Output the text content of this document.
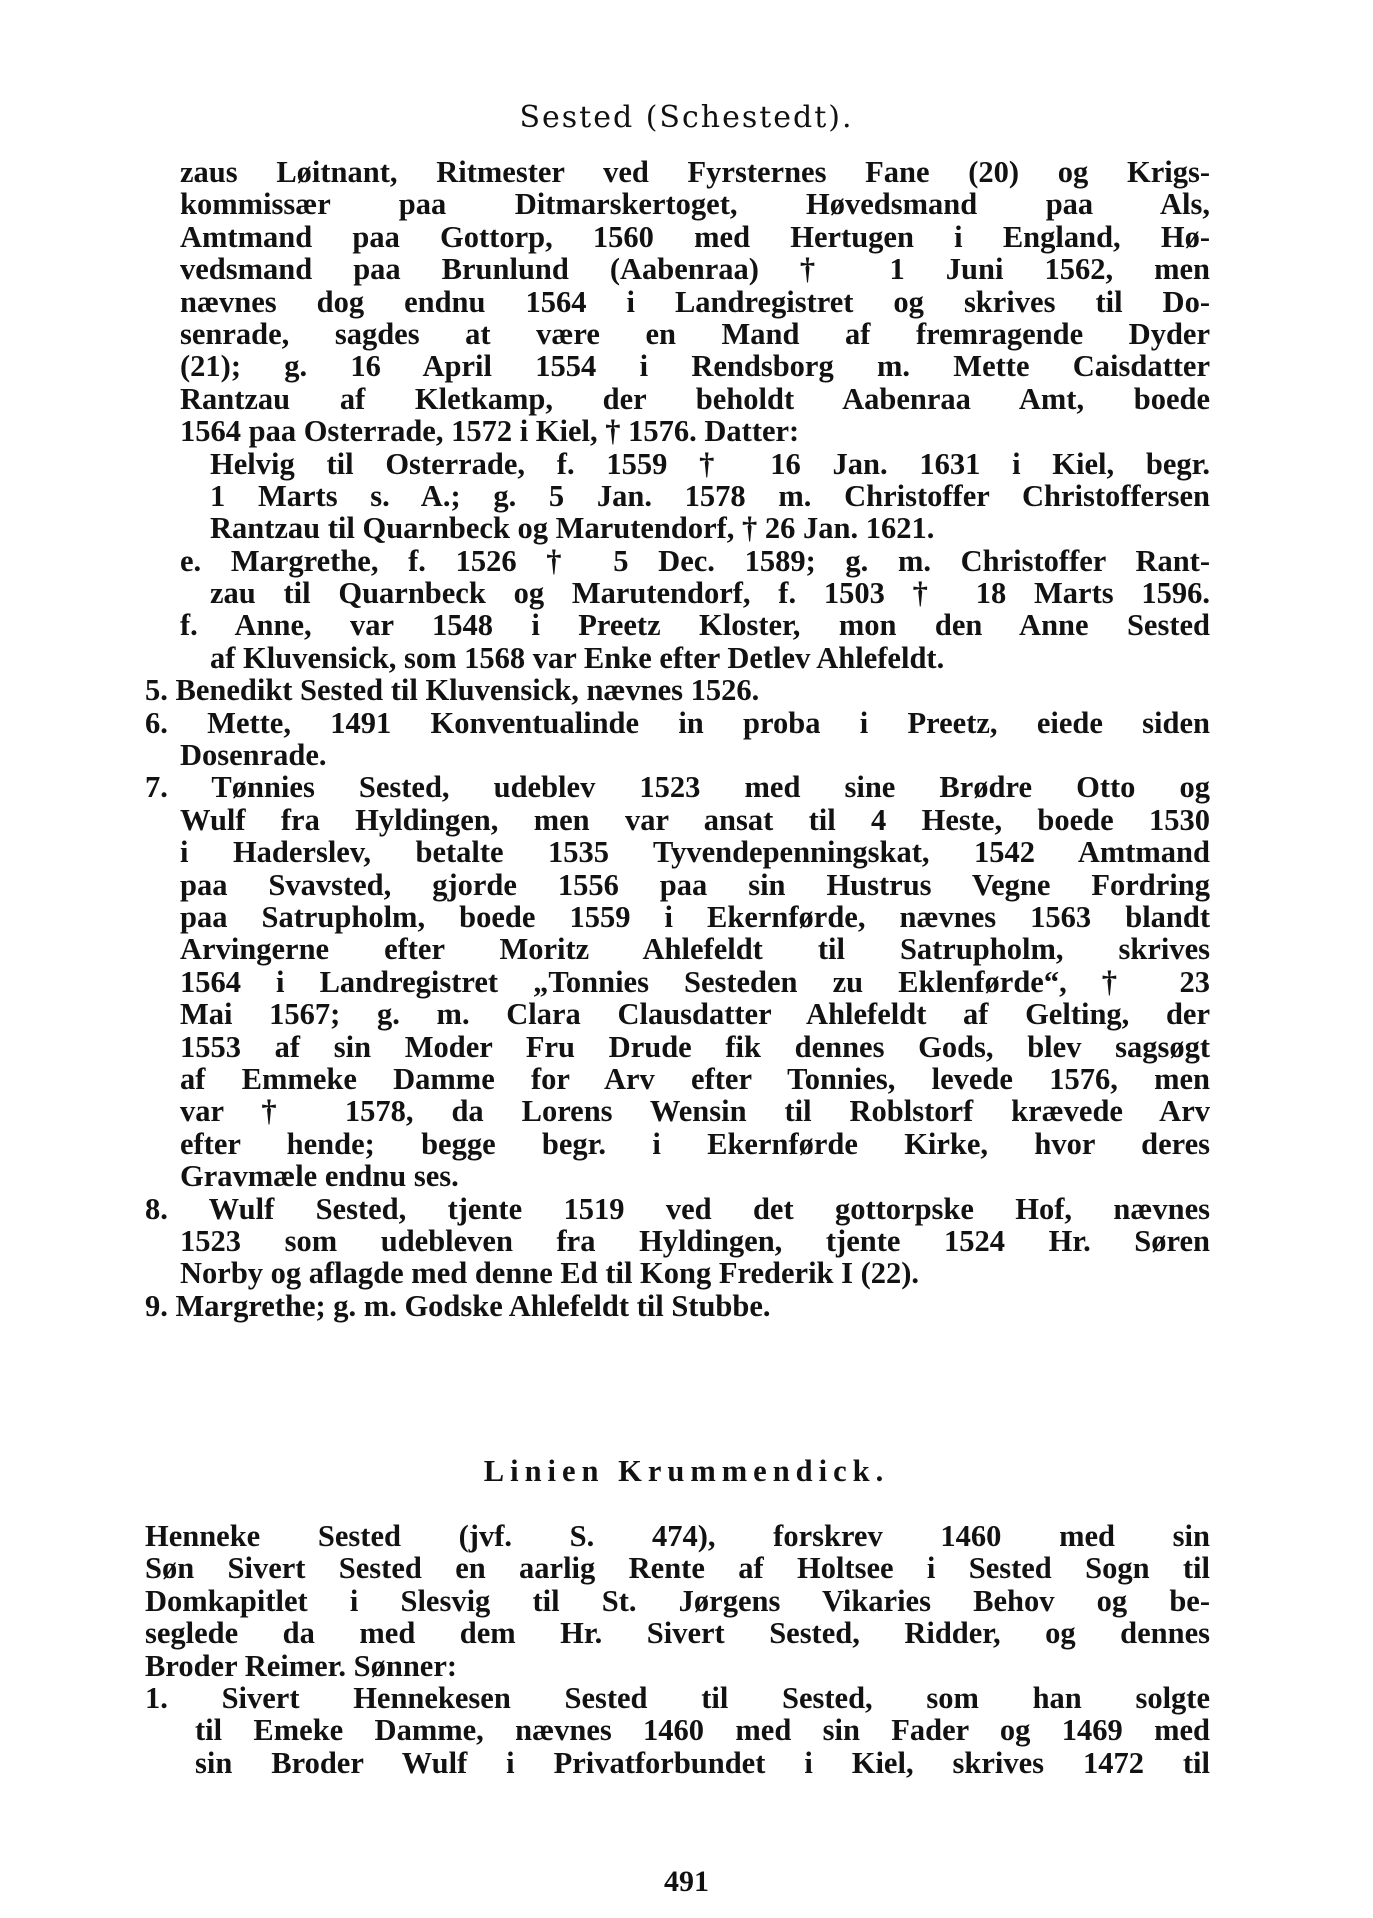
Sested (Schestedt).
zaus Løitnant, Ritmester ved Fyrsternes Fane (20) og Krigs-
kommissær paa Ditmarskertoget, Høvedsmand paa Als,
Amtmand paa Gottorp, 1560 med Hertugen i England, Hø-
vedsmand paa Brunlund (Aabenraa) † 1 Juni 1562, men
nævnes dog endnu 1564 i Landregistret og skrives til Do-
senrade, sagdes at være en Mand af fremragende Dyder
(21); g. 16 April 1554 i Rendsborg m. Mette Caisdatter
Rantzau af Kletkamp, der beholdt Aabenraa Amt, boede
1564 paa Osterrade, 1572 i Kiel, † 1576. Datter:
Helvig til Osterrade, f. 1559 † 16 Jan. 1631 i Kiel, begr.
1 Marts s. A.; g. 5 Jan. 1578 m. Christoffer Christoffersen
Rantzau til Quarnbeck og Marutendorf, † 26 Jan. 1621.
e. Margrethe, f. 1526 † 5 Dec. 1589; g. m. Christoffer Rant-
zau til Quarnbeck og Marutendorf, f. 1503 † 18 Marts 1596.
f. Anne, var 1548 i Preetz Kloster, mon den Anne Sested
af Kluvensick, som 1568 var Enke efter Detlev Ahlefeldt.
5. Benedikt Sested til Kluvensick, nævnes 1526.
6. Mette, 1491 Konventualinde in proba i Preetz, eiede siden
Dosenrade.
7. Tønnies Sested, udeblev 1523 med sine Brødre Otto og
Wulf fra Hyldingen, men var ansat til 4 Heste, boede 1530
i Haderslev, betalte 1535 Tyvendepenningskat, 1542 Amtmand
paa Svavsted, gjorde 1556 paa sin Hustrus Vegne Fordring
paa Satrupholm, boede 1559 i Ekernførde, nævnes 1563 blandt
Arvingerne efter Moritz Ahlefeldt til Satrupholm, skrives
1564 i Landregistret „Tonnies Sesteden zu Eklenførde“, † 23
Mai 1567; g. m. Clara Clausdatter Ahlefeldt af Gelting, der
1553 af sin Moder Fru Drude fik dennes Gods, blev sagsøgt
af Emmeke Damme for Arv efter Tonnies, levede 1576, men
var † 1578, da Lorens Wensin til Roblstorf krævede Arv
efter hende; begge begr. i Ekernførde Kirke, hvor deres
Gravmæle endnu ses.
8. Wulf Sested, tjente 1519 ved det gottorpske Hof, nævnes
1523 som udebleven fra Hyldingen, tjente 1524 Hr. Søren
Norby og aflagde med denne Ed til Kong Frederik I (22).
9. Margrethe; g. m. Godske Ahlefeldt til Stubbe.
Linien Krummendick.
Henneke Sested (jvf. S. 474), forskrev 1460 med sin
Søn Sivert Sested en aarlig Rente af Holtsee i Sested Sogn til
Domkapitlet i Slesvig til St. Jørgens Vikaries Behov og be-
seglede da med dem Hr. Sivert Sested, Ridder, og dennes
Broder Reimer. Sønner:
1. Sivert Hennekesen Sested til Sested, som han solgte
til Emeke Damme, nævnes 1460 med sin Fader og 1469 med
sin Broder Wulf i Privatforbundet i Kiel, skrives 1472 til
491
